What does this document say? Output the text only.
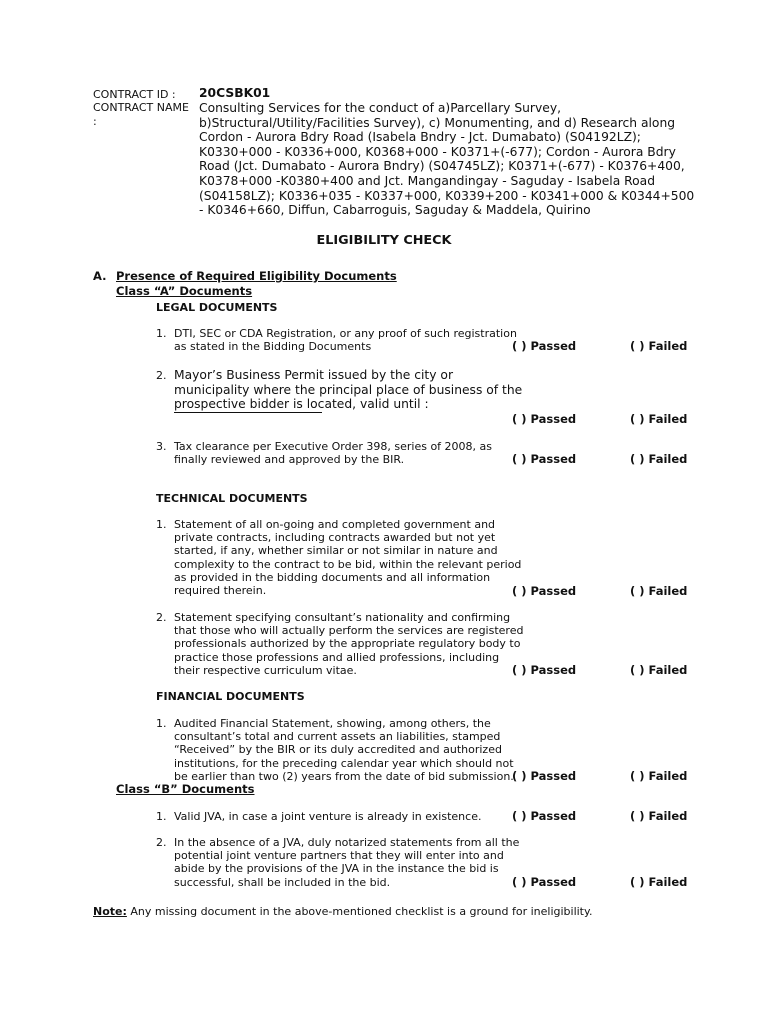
CONTRACT ID : 20CSBK01
CONTRACT NAME
:
Consulting Services for the conduct of a)Parcellary Survey,
b)Structural/Utility/Facilities Survey), c) Monumenting, and d) Research along
Cordon - Aurora Bdry Road (Isabela Bndry - Jct. Dumabato) (S04192LZ);
K0330+000 - K0336+000, K0368+000 - K0371+(-677); Cordon - Aurora Bdry
Road (Jct. Dumabato - Aurora Bndry) (S04745LZ); K0371+(-677) - K0376+400,
K0378+000 -K0380+400 and Jct. Mangandingay - Saguday - Isabela Road
(S04158LZ); K0336+035 - K0337+000, K0339+200 - K0341+000 & K0344+500
- K0346+660, Diffun, Cabarroguis, Saguday & Maddela, Quirino
ELIGIBILITY CHECK
A. Presence of Required Eligibility Documents
Class “A” Documents
LEGAL DOCUMENTS
1. DTI, SEC or CDA Registration, or any proof of such registration
as stated in the Bidding Documents	( ) Passed	( ) Failed
2. Mayor’s Business Permit issued by the city or
municipality where the principal place of business of the
prospective bidder is located, valid until :
( ) Passed	( ) Failed
3. Tax clearance per Executive Order 398, series of 2008, as
finally reviewed and approved by the BIR.	( ) Passed	( ) Failed
TECHNICAL DOCUMENTS
1. Statement of all on-going and completed government and
private contracts, including contracts awarded but not yet
started, if any, whether similar or not similar in nature and
complexity to the contract to be bid, within the relevant period
as provided in the bidding documents and all information
required therein.	( ) Passed	( ) Failed
2. Statement specifying consultant’s nationality and confirming
that those who will actually perform the services are registered
professionals authorized by the appropriate regulatory body to
practice those professions and allied professions, including
their respective curriculum vitae.	( ) Passed	( ) Failed
FINANCIAL DOCUMENTS
1. Audited Financial Statement, showing, among others, the
consultant’s total and current assets an liabilities, stamped
“Received” by the BIR or its duly accredited and authorized
institutions, for the preceding calendar year which should not
be earlier than two (2) years from the date of bid submission.
( ) Passed	( ) Failed
Class “B” Documents
1. Valid JVA, in case a joint venture is already in existence.	( ) Passed	( ) Failed
2. In the absence of a JVA, duly notarized statements from all the
potential joint venture partners that they will enter into and
abide by the provisions of the JVA in the instance the bid is
successful, shall be included in the bid.	( ) Passed	( ) Failed
Note: Any missing document in the above-mentioned checklist is a ground for ineligibility.
